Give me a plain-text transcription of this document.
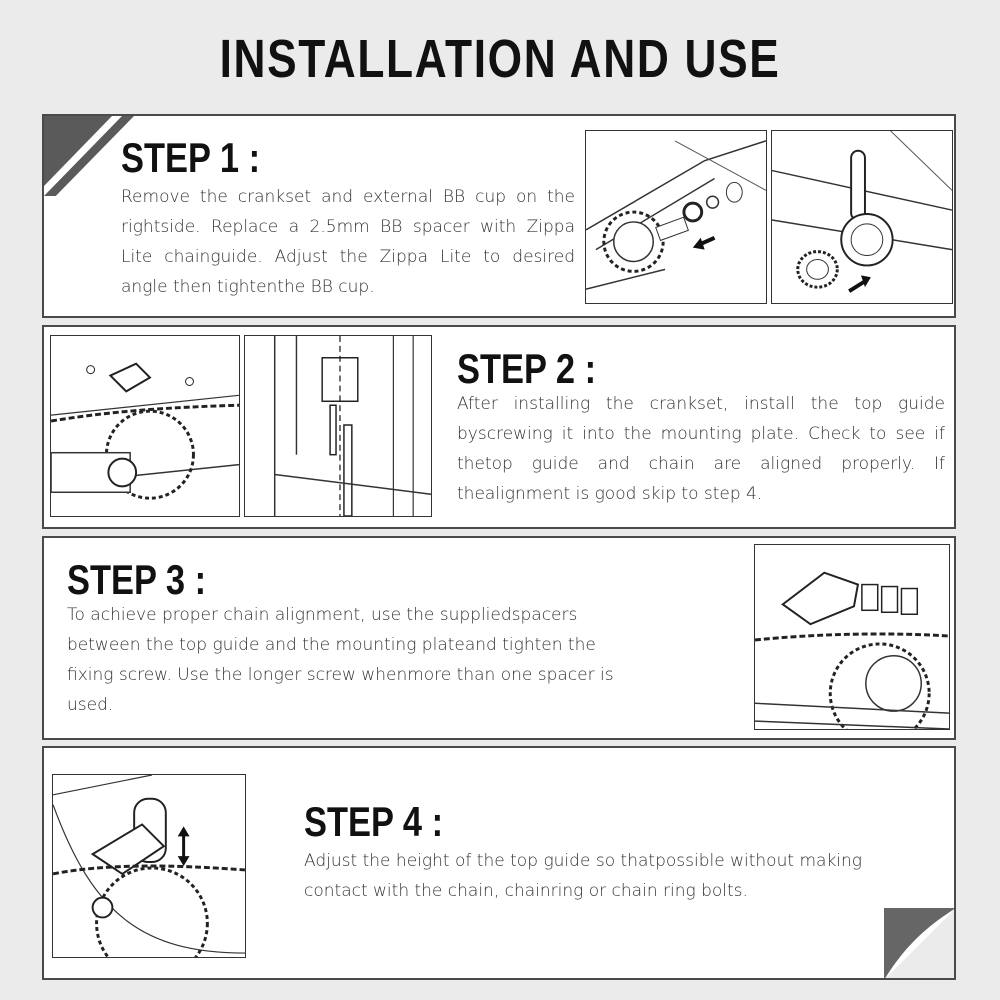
INSTALLATION AND USE
STEP 1 :
Remove the crankset and external BB cup on the rightside. Replace a 2.5mm BB spacer with Zippa Lite chainguide. Adjust the Zippa Lite to desired angle then tightenthe BB cup.
STEP 2 :
After installing the crankset, install the top guide byscrewing it into the mounting plate. Check to see if thetop guide and chain are aligned properly. If thealignment is good skip to step 4.
STEP 3 :
To achieve proper chain alignment, use the suppliedspacers between the top guide and the mounting plateand tighten the fixing screw. Use the longer screw whenmore than one spacer is used.
STEP 4 :
Adjust the height of the top guide so thatpossible without making contact with the chain, chainring or chain ring bolts.
